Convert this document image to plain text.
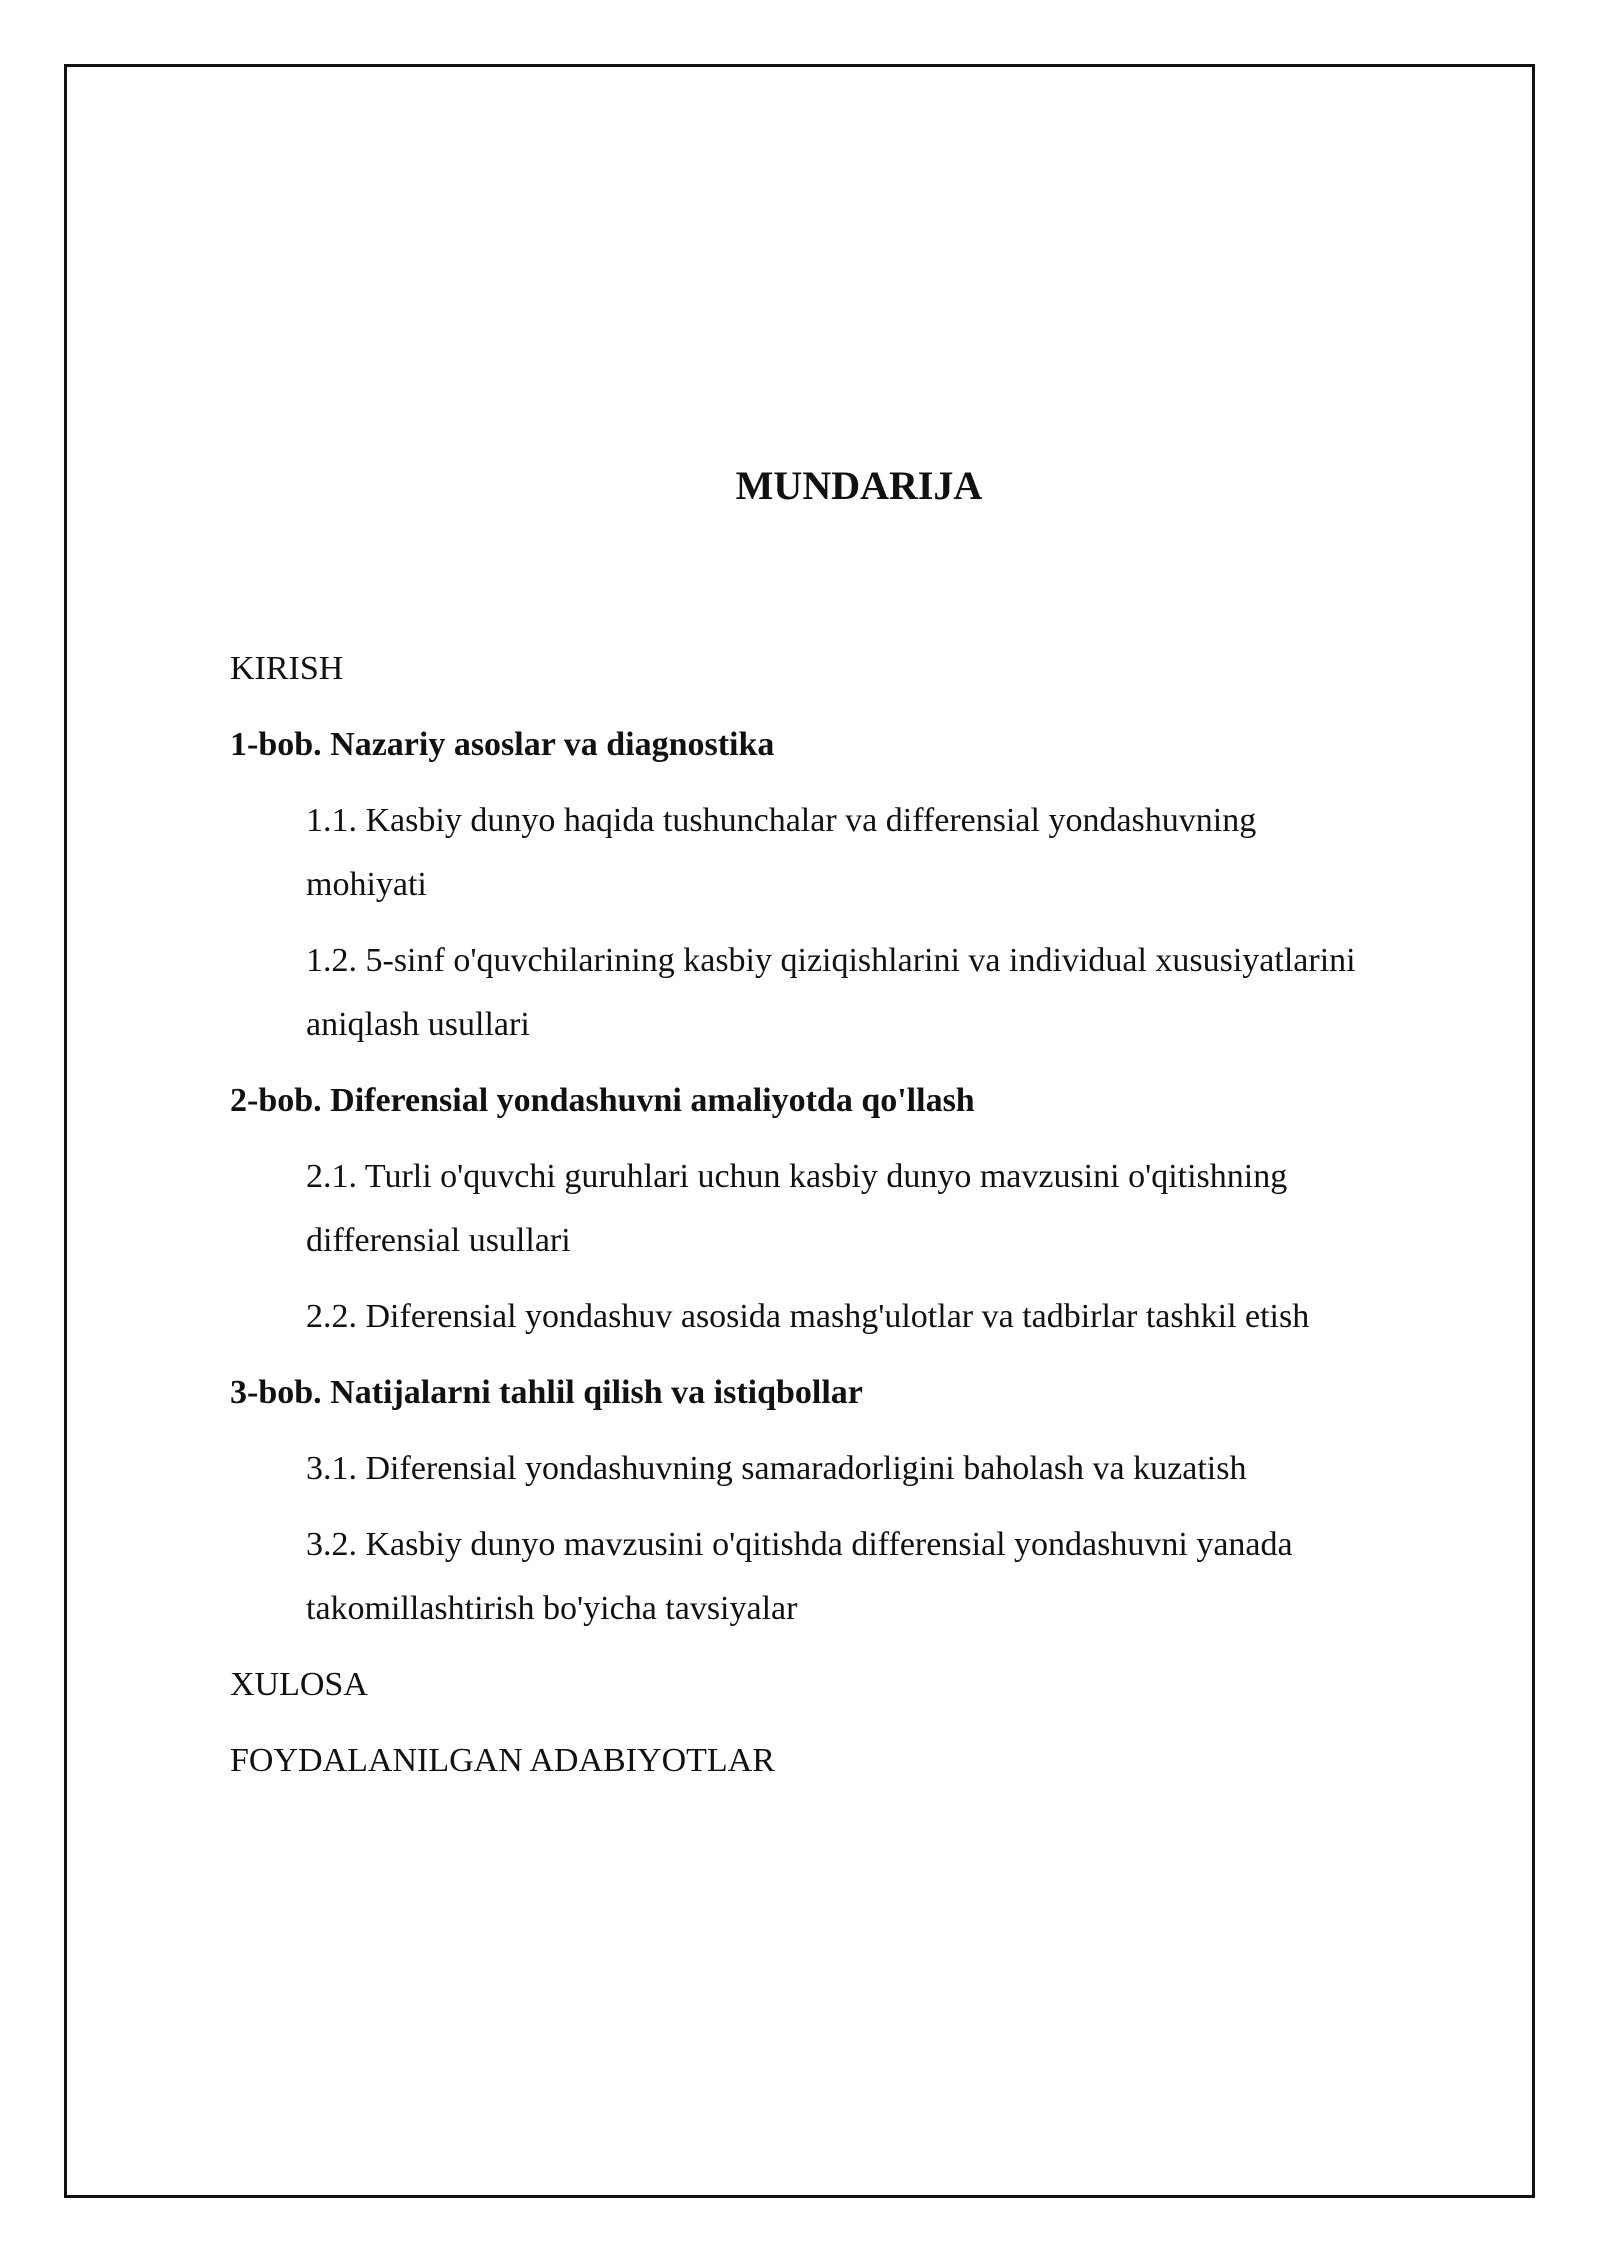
MUNDARIJA
KIRISH
1-bob. Nazariy asoslar va diagnostika
1.1. Kasbiy dunyo haqida tushunchalar va differensial yondashuvning
mohiyati
1.2. 5-sinf o'quvchilarining kasbiy qiziqishlarini va individual xususiyatlarini
aniqlash usullari
2-bob. Diferensial yondashuvni amaliyotda qo'llash
2.1. Turli o'quvchi guruhlari uchun kasbiy dunyo mavzusini o'qitishning
differensial usullari
2.2. Diferensial yondashuv asosida mashg'ulotlar va tadbirlar tashkil etish
3-bob. Natijalarni tahlil qilish va istiqbollar
3.1. Diferensial yondashuvning samaradorligini baholash va kuzatish
3.2. Kasbiy dunyo mavzusini o'qitishda differensial yondashuvni yanada
takomillashtirish bo'yicha tavsiyalar
XULOSA
FOYDALANILGAN ADABIYOTLAR
